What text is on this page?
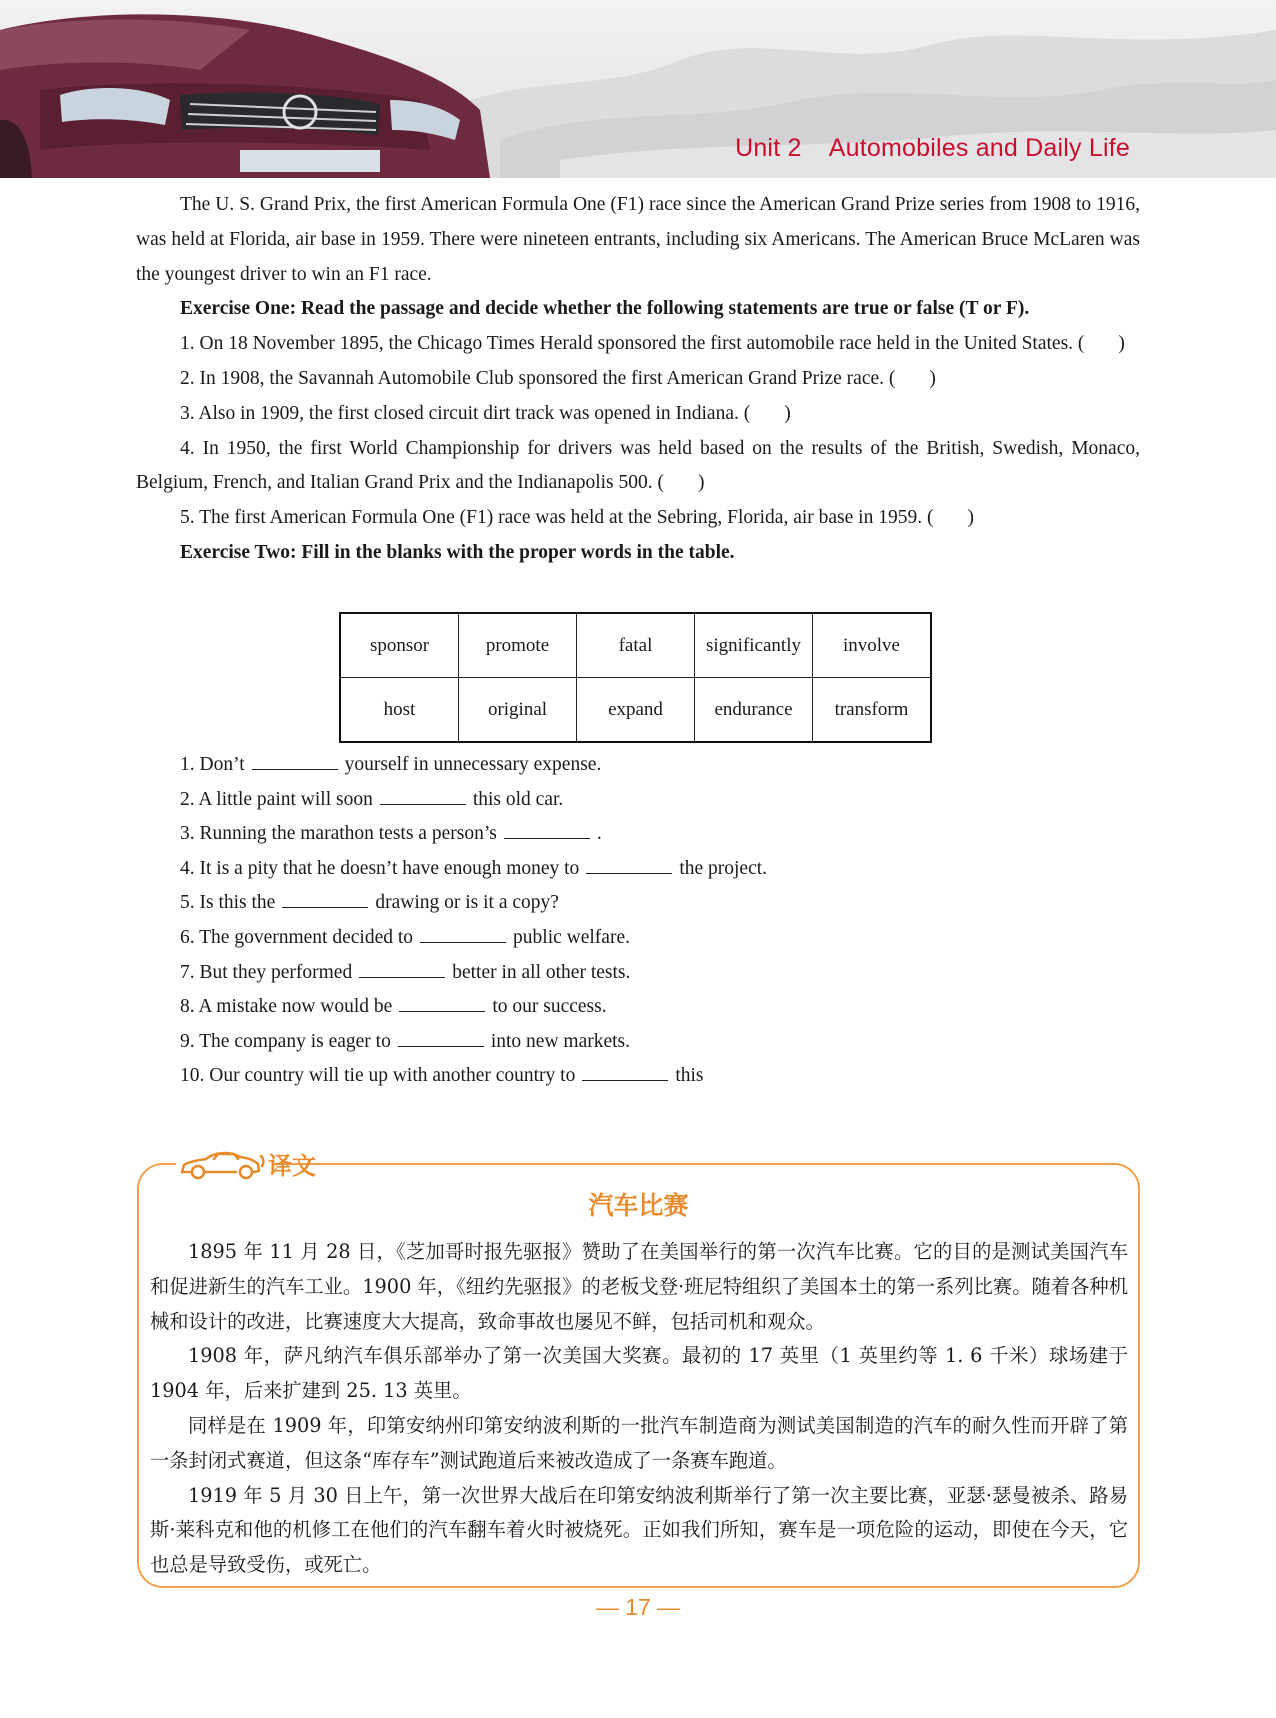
Unit 2    Automobiles and Daily Life

The U. S. Grand Prix, the first American Formula One (F1) race since the American Grand Prize series from 1908 to 1916, was held at Florida, air base in 1959. There were nineteen entrants, including six Americans. The American Bruce McLaren was the youngest driver to win an F1 race.

Exercise One: Read the passage and decide whether the following statements are true or false (T or F).

1. On 18 November 1895, the Chicago Times Herald sponsored the first automobile race held in the United States. ( )

2. In 1908, the Savannah Automobile Club sponsored the first American Grand Prize race. ( )

3. Also in 1909, the first closed circuit dirt track was opened in Indiana. ( )

4. In 1950, the first World Championship for drivers was held based on the results of the British, Swedish, Monaco, Belgium, French, and Italian Grand Prix and the Indianapolis 500. ( )

5. The first American Formula One (F1) race was held at the Sebring, Florida, air base in 1959. ( )

Exercise Two: Fill in the blanks with the proper words in the table.

sponsor	promote	fatal	significantly	involve
host	original	expand	endurance	transform

1. Don’t	yourself in unnecessary expense.

2. A little paint will soon	this old car.

3. Running the marathon tests a person’s	.

4. It is a pity that he doesn’t have enough money to	the project.

5. Is this the	drawing or is it a copy?

6. The government decided to	public welfare.

7. But they performed	better in all other tests.

8. A mistake now would be	to our success.

9. The company is eager to	into new markets.

10. Our country will tie up with another country to	this

译文
汽车比赛

1895 年 11 月 28 日，《芝加哥时报先驱报》赞助了在美国举行的第一次汽车比赛。它的目的是测试美国汽车和促进新生的汽车工业。1900 年，《纽约先驱报》的老板戈登·班尼特组织了美国本土的第一系列比赛。随着各种机械和设计的改进，比赛速度大大提高，致命事故也屡见不鲜，包括司机和观众。

1908 年，萨凡纳汽车俱乐部举办了第一次美国大奖赛。最初的 17 英里（1 英里约等 1. 6 千米）球场建于 1904 年，后来扩建到 25. 13 英里。

同样是在 1909 年，印第安纳州印第安纳波利斯的一批汽车制造商为测试美国制造的汽车的耐久性而开辟了第一条封闭式赛道，但这条“库存车”测试跑道后来被改造成了一条赛车跑道。

1919 年 5 月 30 日上午，第一次世界大战后在印第安纳波利斯举行了第一次主要比赛，亚瑟·瑟曼被杀、路易斯·莱科克和他的机修工在他们的汽车翻车着火时被烧死。正如我们所知，赛车是一项危险的运动，即使在今天，它也总是导致受伤，或死亡。

— 17 —
